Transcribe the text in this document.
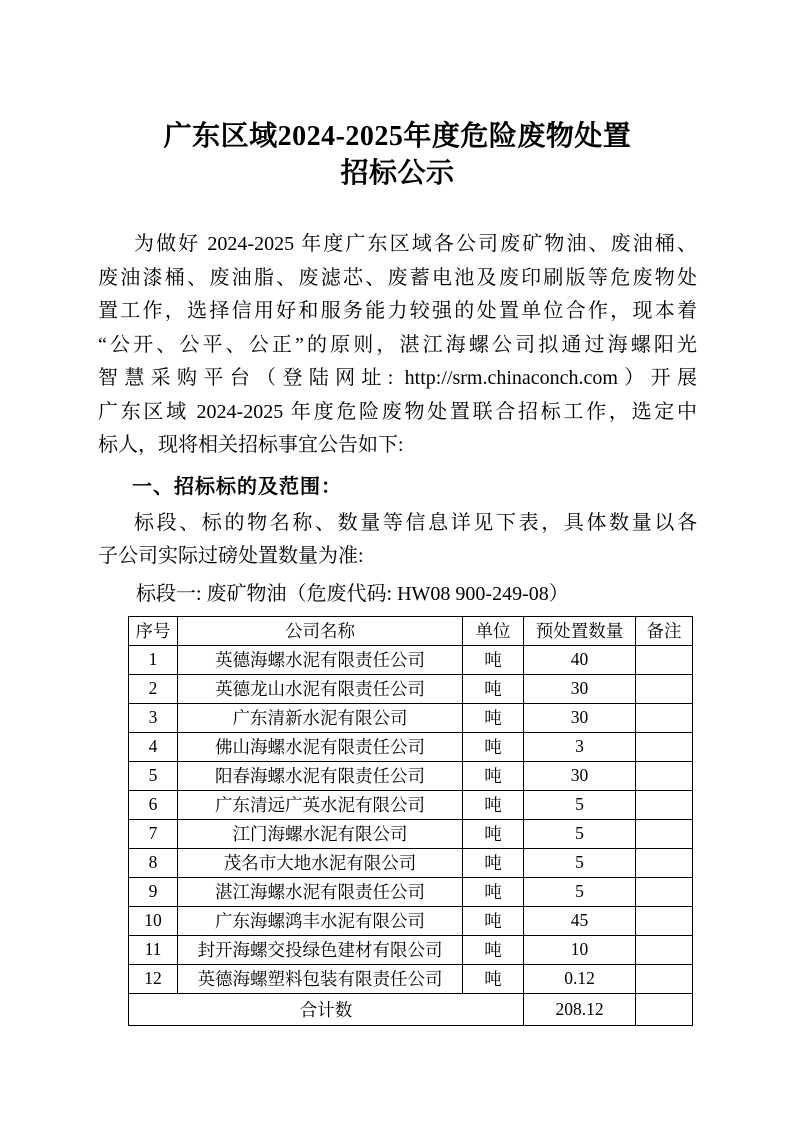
广东区域2024-2025年度危险废物处置
招标公示
为做好 2024-2025 年度广东区域各公司废矿物油、废油桶、
废油漆桶、废油脂、废滤芯、废蓄电池及废印刷版等危废物处
置工作，选择信用好和服务能力较强的处置单位合作，现本着
“公开、公平、公正”的原则，湛江海螺公司拟通过海螺阳光
智慧采购平台（登陆网址: http://srm.chinaconch.com）开展
广东区域 2024-2025 年度危险废物处置联合招标工作，选定中
标人，现将相关招标事宜公告如下:
一、招标标的及范围：
标段、标的物名称、数量等信息详见下表，具体数量以各
子公司实际过磅处置数量为准:
标段一: 废矿物油（危废代码: HW08 900-249-08）
序号	公司名称	单位	预处置数量	备注
1	英德海螺水泥有限责任公司	吨	40	
2	英德龙山水泥有限责任公司	吨	30	
3	广东清新水泥有限公司	吨	30	
4	佛山海螺水泥有限责任公司	吨	3	
5	阳春海螺水泥有限责任公司	吨	30	
6	广东清远广英水泥有限公司	吨	5	
7	江门海螺水泥有限公司	吨	5	
8	茂名市大地水泥有限公司	吨	5	
9	湛江海螺水泥有限责任公司	吨	5	
10	广东海螺鸿丰水泥有限公司	吨	45	
11	封开海螺交投绿色建材有限公司	吨	10	
12	英德海螺塑料包装有限责任公司	吨	0.12	
合计数			208.12	
